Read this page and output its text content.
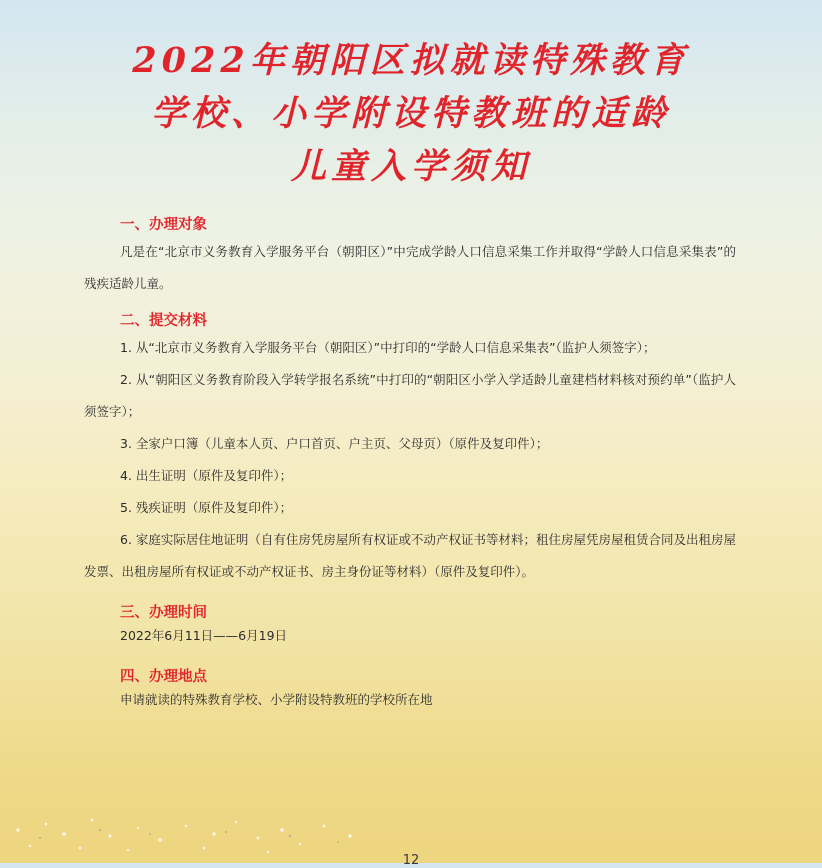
2022年朝阳区拟就读特殊教育
学校、小学附设特教班的适龄
儿童入学须知
一、办理对象

凡是在“北京市义务教育入学服务平台（朝阳区）”中完成学龄人口信息采集工作并取得“学龄人口信息采集表”的残疾适龄儿童。

二、提交材料

1. 从“北京市义务教育入学服务平台（朝阳区）”中打印的“学龄人口信息采集表”（监护人须签字）；

2. 从“朝阳区义务教育阶段入学转学报名系统”中打印的“朝阳区小学入学适龄儿童建档材料核对预约单”（监护人须签字）；

3. 全家户口簿（儿童本人页、户口首页、户主页、父母页）（原件及复印件）；

4. 出生证明（原件及复印件）；

5. 残疾证明（原件及复印件）；

6. 家庭实际居住地证明（自有住房凭房屋所有权证或不动产权证书等材料；租住房屋凭房屋租赁合同及出租房屋发票、出租房屋所有权证或不动产权证书、房主身份证等材料）（原件及复印件）。

三、办理时间

2022年6月11日——6月19日

四、办理地点

申请就读的特殊教育学校、小学附设特教班的学校所在地

12
